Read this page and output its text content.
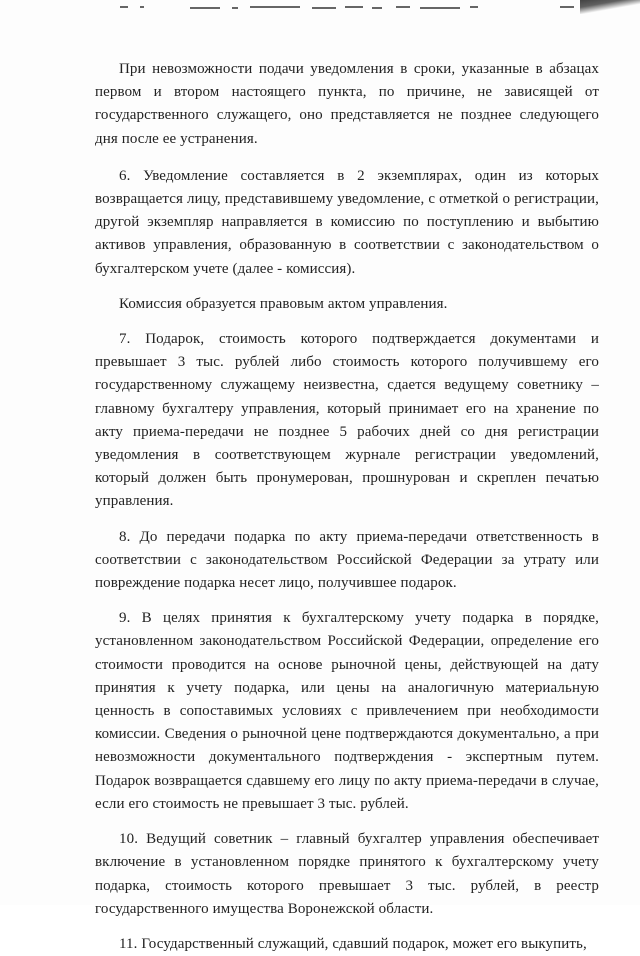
При невозможности подачи уведомления в сроки, указанные в абзацах первом и втором настоящего пункта, по причине, не зависящей от государственного служащего, оно представляется не позднее следующего дня после ее устранения.

6. Уведомление составляется в 2 экземплярах, один из которых возвращается лицу, представившему уведомление, с отметкой о регистрации, другой экземпляр направляется в комиссию по поступлению и выбытию активов управления, образованную в соответствии с законодательством о бухгалтерском учете (далее - комиссия).

Комиссия образуется правовым актом управления.

7. Подарок, стоимость которого подтверждается документами и превышает 3 тыс. рублей либо стоимость которого получившему его государственному служащему неизвестна, сдается ведущему советнику – главному бухгалтеру управления, который принимает его на хранение по акту приема-передачи не позднее 5 рабочих дней со дня регистрации уведомления в соответствующем журнале регистрации уведомлений, который должен быть пронумерован, прошнурован и скреплен печатью управления.

8. До передачи подарка по акту приема-передачи ответственность в соответствии с законодательством Российской Федерации за утрату или повреждение подарка несет лицо, получившее подарок.

9. В целях принятия к бухгалтерскому учету подарка в порядке, установленном законодательством Российской Федерации, определение его стоимости проводится на основе рыночной цены, действующей на дату принятия к учету подарка, или цены на аналогичную материальную ценность в сопоставимых условиях с привлечением при необходимости комиссии. Сведения о рыночной цене подтверждаются документально, а при невозможности документального подтверждения - экспертным путем. Подарок возвращается сдавшему его лицу по акту приема-передачи в случае, если его стоимость не превышает 3 тыс. рублей.

10. Ведущий советник – главный бухгалтер управления обеспечивает включение в установленном порядке принятого к бухгалтерскому учету подарка, стоимость которого превышает 3 тыс. рублей, в реестр государственного имущества Воронежской области.

11. Государственный служащий, сдавший подарок, может его выкупить,
